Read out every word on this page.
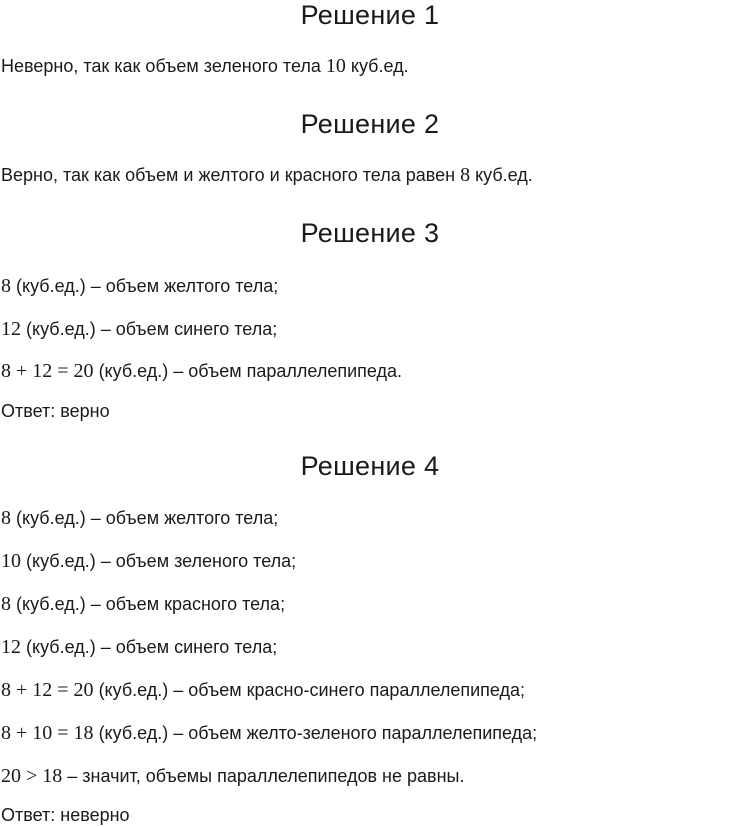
Решение 1

Неверно, так как объем зеленого тела 10 куб.ед.

Решение 2

Верно, так как объем и желтого и красного тела равен 8 куб.ед.

Решение 3

8 (куб.ед.) – объем желтого тела;

12 (куб.ед.) – объем синего тела;

8 + 12 = 20 (куб.ед.) – объем параллелепипеда.

Ответ: верно

Решение 4

8 (куб.ед.) – объем желтого тела;

10 (куб.ед.) – объем зеленого тела;

8 (куб.ед.) – объем красного тела;

12 (куб.ед.) – объем синего тела;

8 + 12 = 20 (куб.ед.) – объем красно-синего параллелепипеда;

8 + 10 = 18 (куб.ед.) – объем желто-зеленого параллелепипеда;

20 > 18 – значит, объемы параллелепипедов не равны.

Ответ: неверно
